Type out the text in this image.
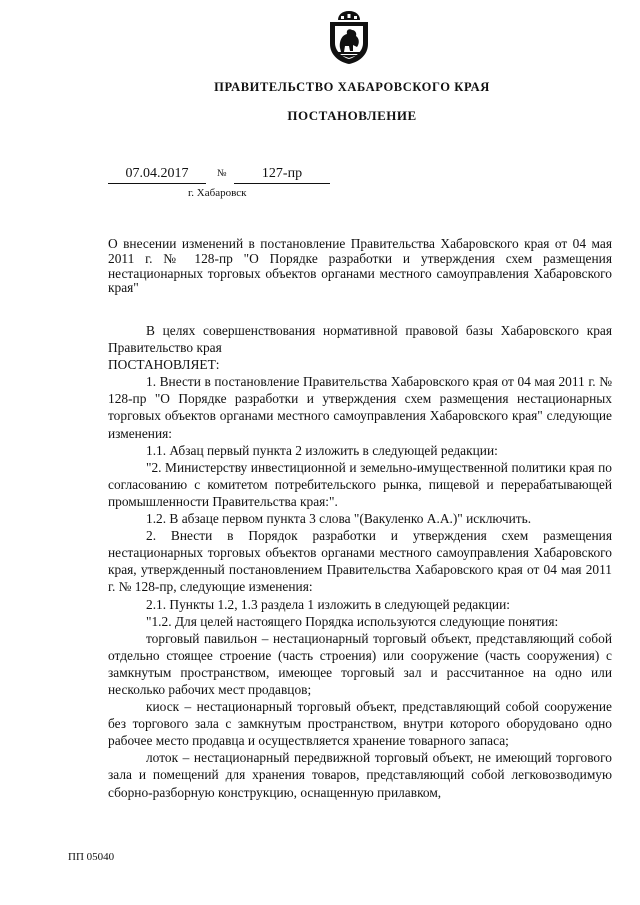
ПРАВИТЕЛЬСТВО ХАБАРОВСКОГО КРАЯ
ПОСТАНОВЛЕНИЕ
07.04.2017	№	127-пр
г. Хабаровск
О внесении изменений в постановление Правительства Хабаровского края от 04 мая 2011 г. № 128-пр "О Порядке разработки и утверждения схем размещения нестационарных торговых объектов органами местного самоуправления Хабаровского края"

В целях совершенствования нормативной правовой базы Хабаровского края Правительство края

ПОСТАНОВЛЯЕТ:

1. Внести в постановление Правительства Хабаровского края от 04 мая 2011 г. № 128-пр "О Порядке разработки и утверждения схем размещения нестационарных торговых объектов органами местного самоуправления Хабаровского края" следующие изменения:

1.1. Абзац первый пункта 2 изложить в следующей редакции:

"2. Министерству инвестиционной и земельно-имущественной политики края по согласованию с комитетом потребительского рынка, пищевой и перерабатывающей промышленности Правительства края:".

1.2. В абзаце первом пункта 3 слова "(Вакуленко А.А.)" исключить.

2. Внести в Порядок разработки и утверждения схем размещения нестационарных торговых объектов органами местного самоуправления Хабаровского края, утвержденный постановлением Правительства Хабаровского края от 04 мая 2011 г. № 128-пр, следующие изменения:

2.1. Пункты 1.2, 1.3 раздела 1 изложить в следующей редакции:

"1.2. Для целей настоящего Порядка используются следующие понятия:

торговый павильон – нестационарный торговый объект, представляющий собой отдельно стоящее строение (часть строения) или сооружение (часть сооружения) с замкнутым пространством, имеющее торговый зал и рассчитанное на одно или несколько рабочих мест продавцов;

киоск – нестационарный торговый объект, представляющий собой сооружение без торгового зала с замкнутым пространством, внутри которого оборудовано одно рабочее место продавца и осуществляется хранение товарного запаса;

лоток – нестационарный передвижной торговый объект, не имеющий торгового зала и помещений для хранения товаров, представляющий собой легковозводимую сборно-разборную конструкцию, оснащенную прилавком,

ПП 05040
